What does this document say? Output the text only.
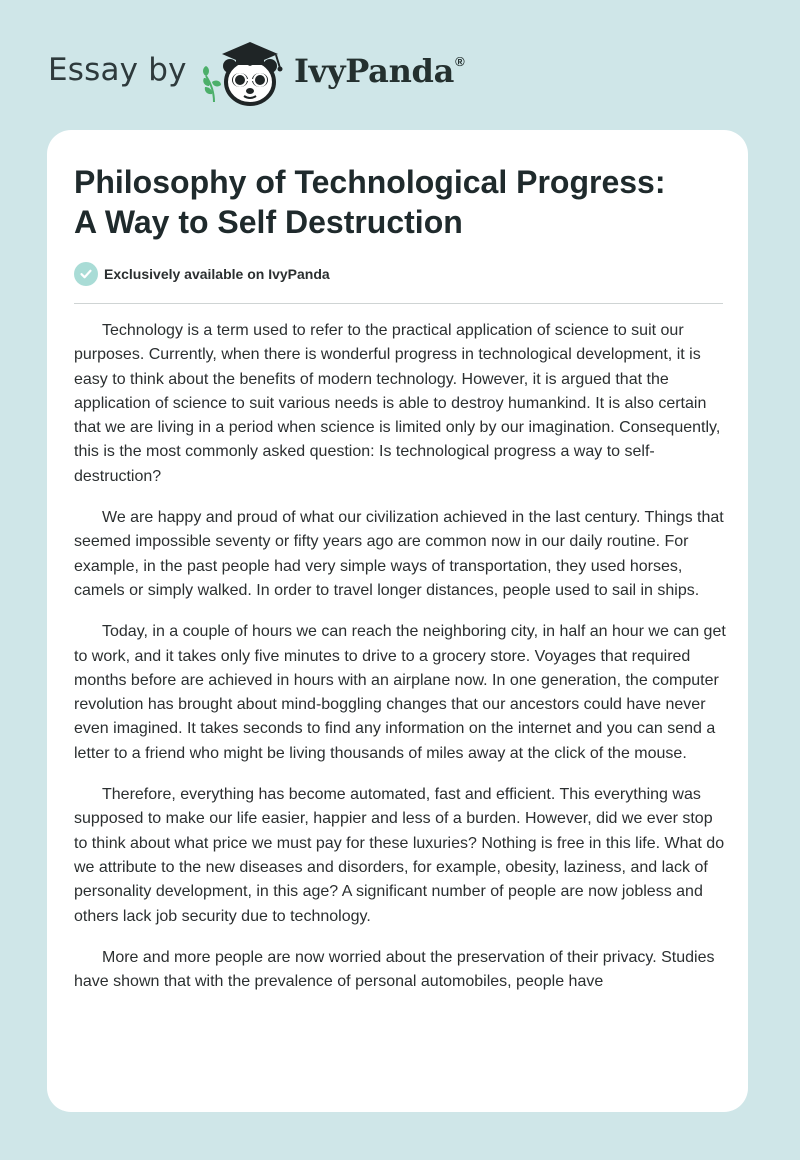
Essay by	IvyPanda®
Philosophy of Technological Progress:
A Way to Self Destruction
Exclusively available on IvyPanda

Technology is a term used to refer to the practical application of science to suit our purposes. Currently, when there is wonderful progress in technological development, it is easy to think about the benefits of modern technology. However, it is argued that the application of science to suit various needs is able to destroy humankind. It is also certain that we are living in a period when science is limited only by our imagination. Consequently, this is the most commonly asked question: Is technological progress a way to self-destruction?

We are happy and proud of what our civilization achieved in the last century. Things that seemed impossible seventy or fifty years ago are common now in our daily routine. For example, in the past people had very simple ways of transportation, they used horses, camels or simply walked. In order to travel longer distances, people used to sail in ships.

Today, in a couple of hours we can reach the neighboring city, in half an hour we can get to work, and it takes only five minutes to drive to a grocery store. Voyages that required months before are achieved in hours with an airplane now. In one generation, the computer revolution has brought about mind-boggling changes that our ancestors could have never even imagined. It takes seconds to find any information on the internet and you can send a letter to a friend who might be living thousands of miles away at the click of the mouse.

Therefore, everything has become automated, fast and efficient. This everything was supposed to make our life easier, happier and less of a burden. However, did we ever stop to think about what price we must pay for these luxuries? Nothing is free in this life. What do we attribute to the new diseases and disorders, for example, obesity, laziness, and lack of personality development, in this age? A significant number of people are now jobless and others lack job security due to technology.

More and more people are now worried about the preservation of their privacy. Studies have shown that with the prevalence of personal automobiles, people have
